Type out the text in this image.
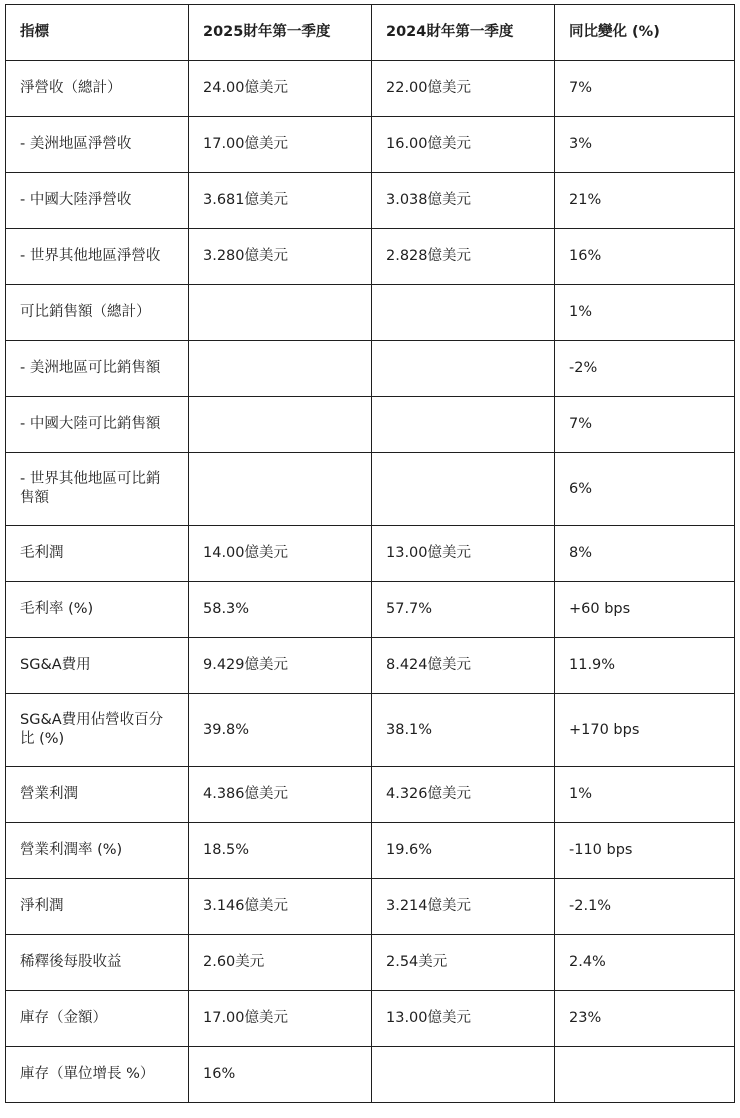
指標	2025財年第一季度	2024財年第一季度	同比變化 (%)
淨營收（總計）	24.00億美元	22.00億美元	7%
- 美洲地區淨營收	17.00億美元	16.00億美元	3%
- 中國大陸淨營收	3.681億美元	3.038億美元	21%
- 世界其他地區淨營收	3.280億美元	2.828億美元	16%
可比銷售額（總計）			1%
- 美洲地區可比銷售額			-2%
- 中國大陸可比銷售額			7%
- 世界其他地區可比銷售額			6%
毛利潤	14.00億美元	13.00億美元	8%
毛利率 (%)	58.3%	57.7%	+60 bps
SG&A費用	9.429億美元	8.424億美元	11.9%
SG&A費用佔營收百分比 (%)	39.8%	38.1%	+170 bps
營業利潤	4.386億美元	4.326億美元	1%
營業利潤率 (%)	18.5%	19.6%	-110 bps
淨利潤	3.146億美元	3.214億美元	-2.1%
稀釋後每股收益	2.60美元	2.54美元	2.4%
庫存（金額）	17.00億美元	13.00億美元	23%
庫存（單位增長 %）	16%		
